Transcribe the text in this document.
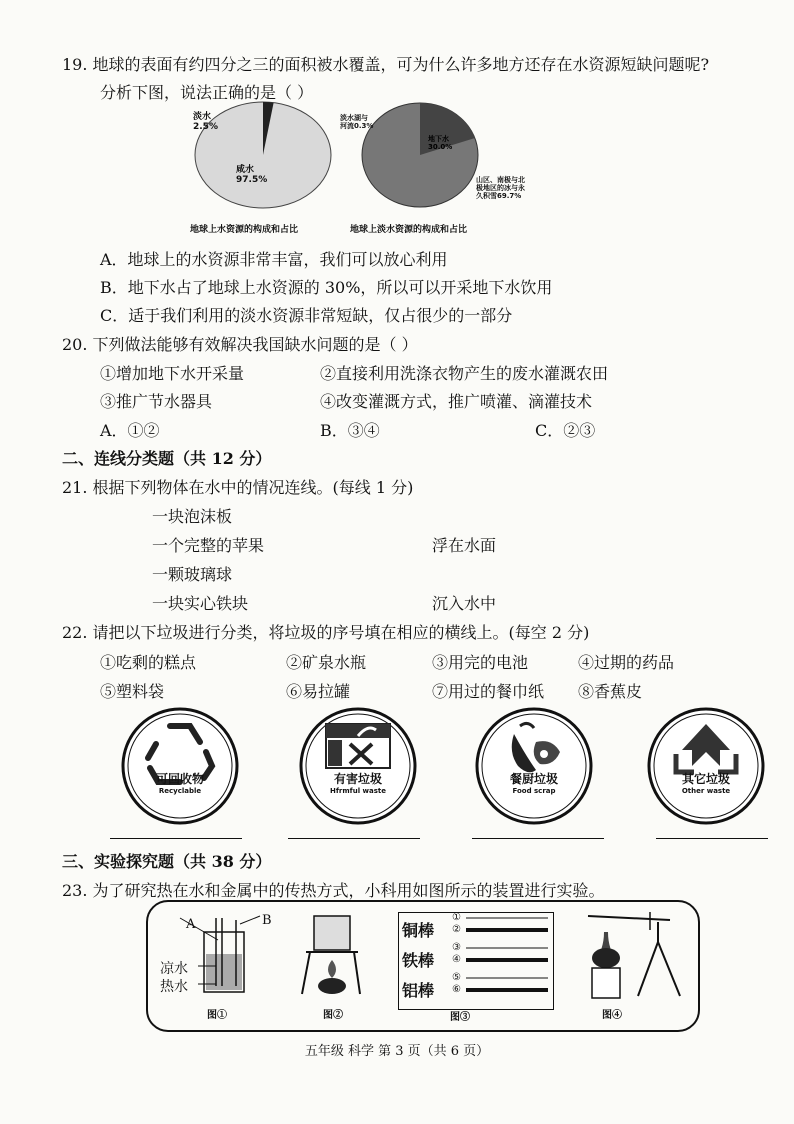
19. 地球的表面有约四分之三的面积被水覆盖，可为什么许多地方还存在水资源短缺问题呢?
分析下图，说法正确的是（ ）
淡水
2.5%
咸水
97.5%
地球上水资源的构成和占比
淡水湖与
河流0.3%
地下水
30.0%
山区、南极与北
极地区的冰与永
久积雪69.7%
地球上淡水资源的构成和占比
A．地球上的水资源非常丰富，我们可以放心利用
B．地下水占了地球上水资源的 30%，所以可以开采地下水饮用
C．适于我们利用的淡水资源非常短缺，仅占很少的一部分
20. 下列做法能够有效解决我国缺水问题的是（ ）
①增加地下水开采量	②直接利用洗涤衣物产生的废水灌溉农田
③推广节水器具	④改变灌溉方式，推广喷灌、滴灌技术
A．①②	B．③④	C．②③
二、连线分类题（共 12 分）
21. 根据下列物体在水中的情况连线。(每线 1 分)
一块泡沫板
一个完整的苹果
一颗玻璃球
一块实心铁块
浮在水面
沉入水中
22. 请把以下垃圾进行分类，将垃圾的序号填在相应的横线上。(每空 2 分)
①吃剩的糕点	②矿泉水瓶	③用完的电池	④过期的药品
⑤塑料袋	⑥易拉罐	⑦用过的餐巾纸 ⑧香蕉皮
可回收物
Recyclable
有害垃圾
Hfrmful waste
餐厨垃圾
Food scrap
其它垃圾
Other waste
三、实验探究题（共 38 分）
23. 为了研究热在水和金属中的传热方式，小科用如图所示的装置进行实验。
A	B
凉水
热水
图①	图②
铜棒
铁棒
铝棒
①
②
③
④
⑤
⑥
图③	图④
五年级 科学 第 3 页（共 6 页）
